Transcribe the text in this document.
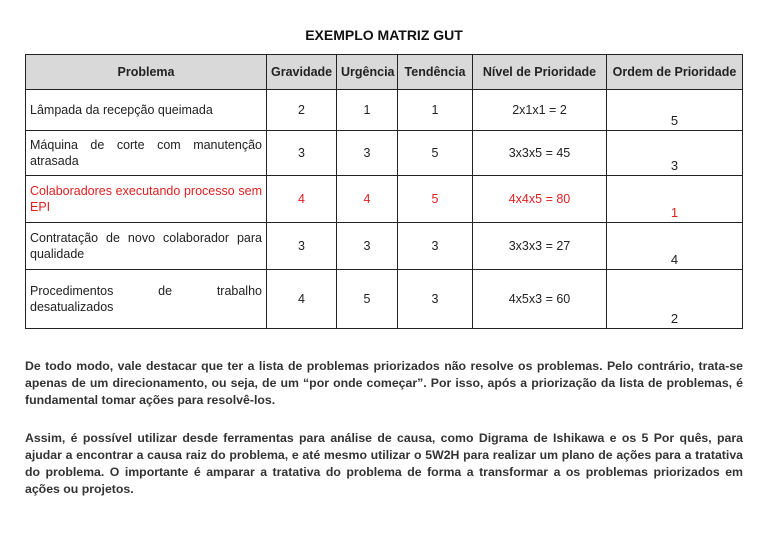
EXEMPLO MATRIZ GUT
Problema	Gravidade	Urgência	Tendência	Nível de Prioridade	Ordem de Prioridade
Lâmpada da recepção queimada	2	1	1	2x1x1 = 2	5
Máquina de corte com manutenção atrasada	3	3	5	3x3x5 = 45	3
Colaboradores executando processo sem EPI	4	4	5	4x4x5 = 80	1
Contratação de novo colaborador para qualidade	3	3	3	3x3x3 = 27	4
Procedimentos de trabalho desatualizados	4	5	3	4x5x3 = 60	2

De todo modo, vale destacar que ter a lista de problemas priorizados não resolve os problemas. Pelo contrário, trata-se apenas de um direcionamento, ou seja, de um “por onde começar”. Por isso, após a priorização da lista de problemas, é fundamental tomar ações para resolvê-los.

Assim, é possível utilizar desde ferramentas para análise de causa, como Digrama de Ishikawa e os 5 Por quês, para ajudar a encontrar a causa raiz do problema, e até mesmo utilizar o 5W2H para realizar um plano de ações para a tratativa do problema. O importante é amparar a tratativa do problema de forma a transformar a os problemas priorizados em ações ou projetos.
